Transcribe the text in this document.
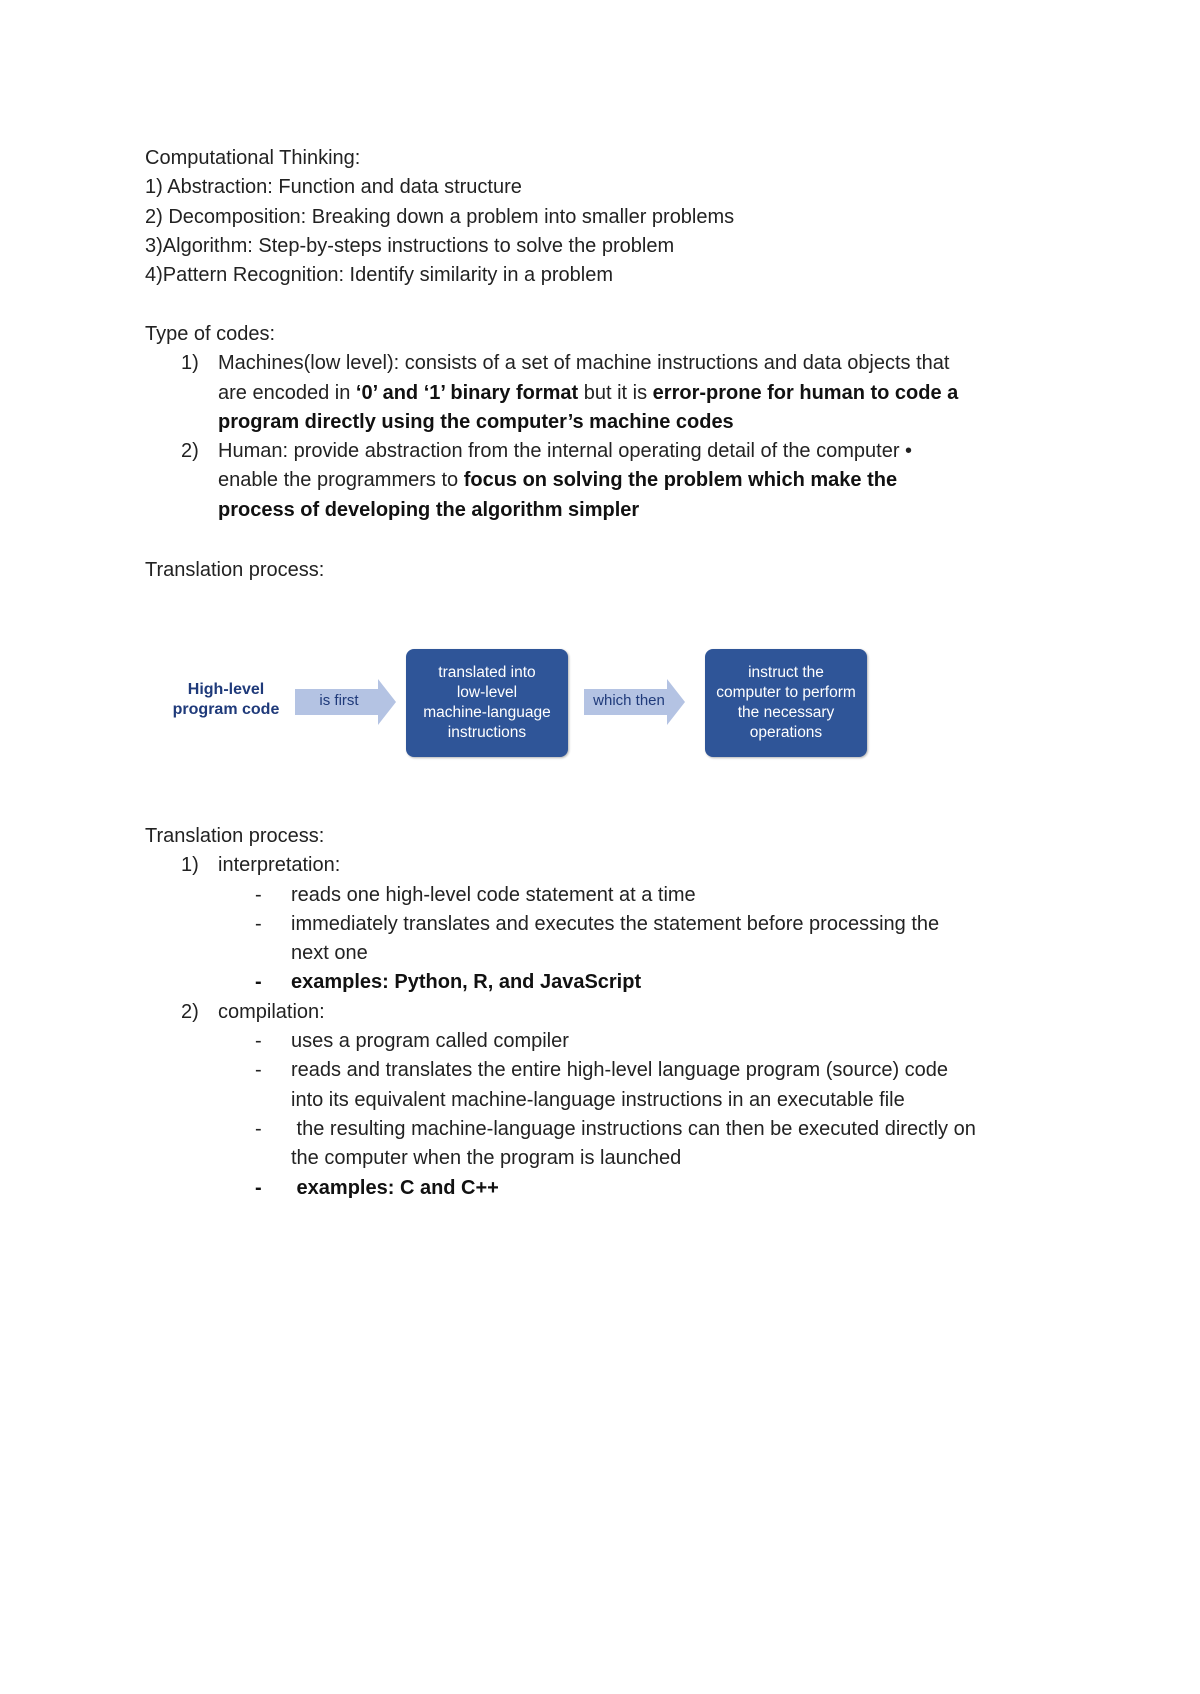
Computational Thinking:
1) Abstraction: Function and data structure
2) Decomposition: Breaking down a problem into smaller problems
3)Algorithm: Step-by-steps instructions to solve the problem
4)Pattern Recognition: Identify similarity in a problem
Type of codes:
1) Machines(low level): consists of a set of machine instructions and data objects that
are encoded in ‘0’ and ‘1’ binary format but it is error-prone for human to code a
program directly using the computer’s machine codes
2) Human: provide abstraction from the internal operating detail of the computer •
enable the programmers to focus on solving the problem which make the
process of developing the algorithm simpler
Translation process:
High-level
program code
is first
translated into
low-level
machine-language
instructions
which then
instruct the
computer to perform
the necessary
operations
Translation process:
1) interpretation:
- reads one high-level code statement at a time
- immediately translates and executes the statement before processing the
next one
- examples: Python, R, and JavaScript
2) compilation:
- uses a program called compiler
- reads and translates the entire high-level language program (source) code
into its equivalent machine-language instructions in an executable file
- the resulting machine-language instructions can then be executed directly on
the computer when the program is launched
- examples: C and C++
